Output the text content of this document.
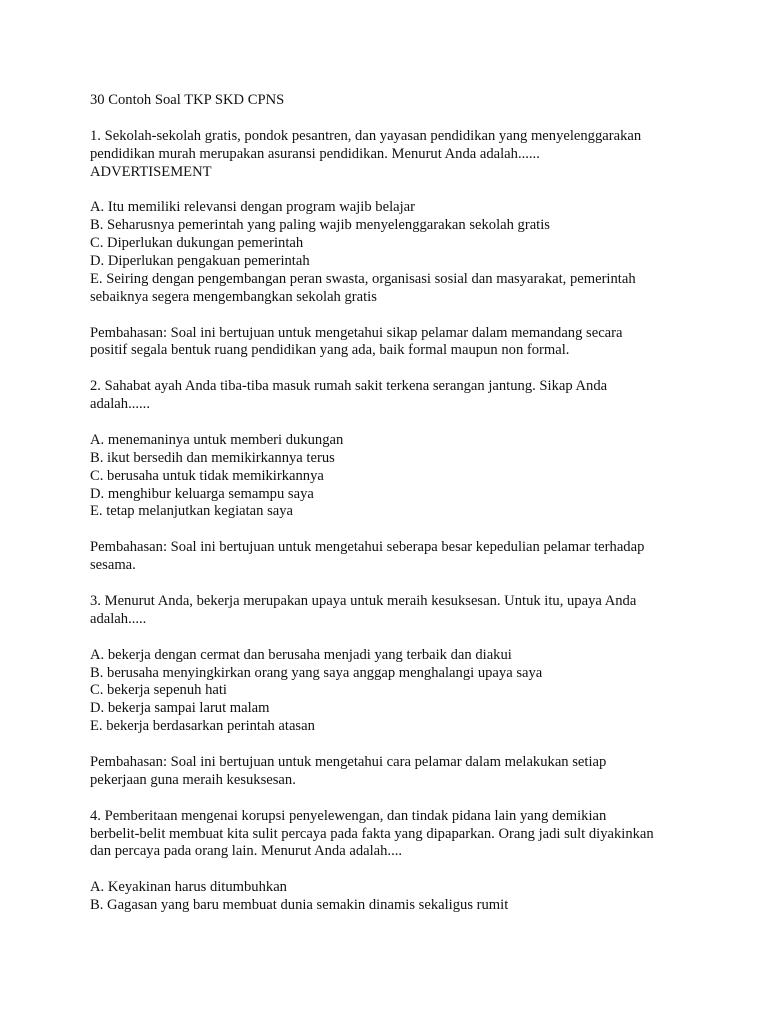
30 Contoh Soal TKP SKD CPNS
1. Sekolah-sekolah gratis, pondok pesantren, dan yayasan pendidikan yang menyelenggarakan
pendidikan murah merupakan asuransi pendidikan. Menurut Anda adalah......
ADVERTISEMENT
A. Itu memiliki relevansi dengan program wajib belajar
B. Seharusnya pemerintah yang paling wajib menyelenggarakan sekolah gratis
C. Diperlukan dukungan pemerintah
D. Diperlukan pengakuan pemerintah
E. Seiring dengan pengembangan peran swasta, organisasi sosial dan masyarakat, pemerintah
sebaiknya segera mengembangkan sekolah gratis
Pembahasan: Soal ini bertujuan untuk mengetahui sikap pelamar dalam memandang secara
positif segala bentuk ruang pendidikan yang ada, baik formal maupun non formal.
2. Sahabat ayah Anda tiba-tiba masuk rumah sakit terkena serangan jantung. Sikap Anda
adalah......
A. menemaninya untuk memberi dukungan
B. ikut bersedih dan memikirkannya terus
C. berusaha untuk tidak memikirkannya
D. menghibur keluarga semampu saya
E. tetap melanjutkan kegiatan saya
Pembahasan: Soal ini bertujuan untuk mengetahui seberapa besar kepedulian pelamar terhadap
sesama.
3. Menurut Anda, bekerja merupakan upaya untuk meraih kesuksesan. Untuk itu, upaya Anda
adalah.....
A. bekerja dengan cermat dan berusaha menjadi yang terbaik dan diakui
B. berusaha menyingkirkan orang yang saya anggap menghalangi upaya saya
C. bekerja sepenuh hati
D. bekerja sampai larut malam
E. bekerja berdasarkan perintah atasan
Pembahasan: Soal ini bertujuan untuk mengetahui cara pelamar dalam melakukan setiap
pekerjaan guna meraih kesuksesan.
4. Pemberitaan mengenai korupsi penyelewengan, dan tindak pidana lain yang demikian
berbelit-belit membuat kita sulit percaya pada fakta yang dipaparkan. Orang jadi sult diyakinkan
dan percaya pada orang lain. Menurut Anda adalah....
A. Keyakinan harus ditumbuhkan
B. Gagasan yang baru membuat dunia semakin dinamis sekaligus rumit
